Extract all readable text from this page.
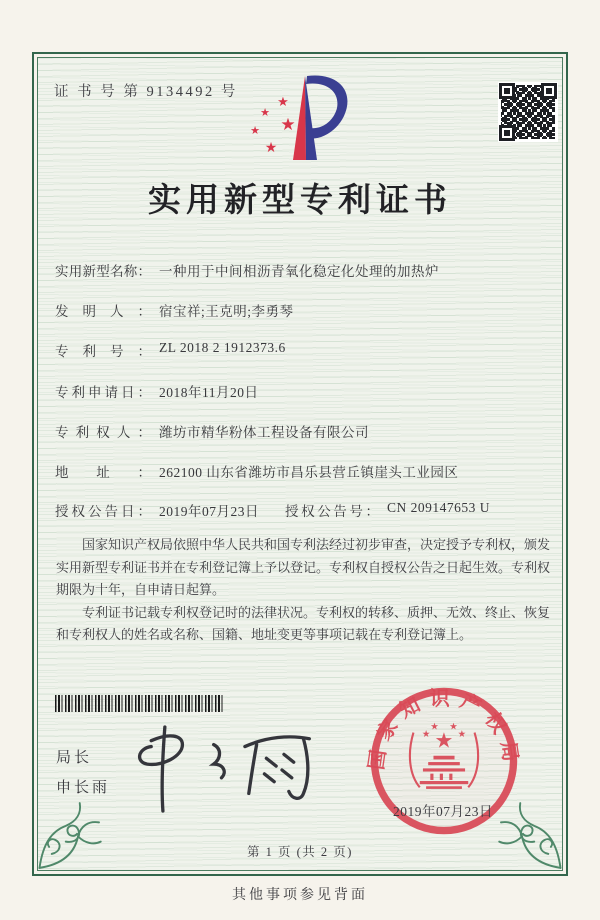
证 书 号 第 9134492 号
★
★
★
★
★
实用新型专利证书
实用新型名称： 一种用于中间相沥青氧化稳定化处理的加热炉
发明人： 宿宝祥;王克明;李勇琴
专利号： ZL 2018 2 1912373.6
专利申请日： 2018年11月20日
专利权人： 潍坊市精华粉体工程设备有限公司
地址： 262100 山东省潍坊市昌乐县营丘镇崖头工业园区
授权公告日： 2019年07月23日 授权公告号： CN 209147653 U

国家知识产权局依照中华人民共和国专利法经过初步审查，决定授予专利权，颁发实用新型专利证书并在专利登记簿上予以登记。专利权自授权公告之日起生效。专利权期限为十年，自申请日起算。

专利证书记载专利权登记时的法律状况。专利权的转移、质押、无效、终止、恢复和专利权人的姓名或名称、国籍、地址变更等事项记载在专利登记簿上。

局长
申长雨
国家知识产权局
★
★
★ ★
★
2019年07月23日
第 1 页 (共 2 页)
其他事项参见背面
